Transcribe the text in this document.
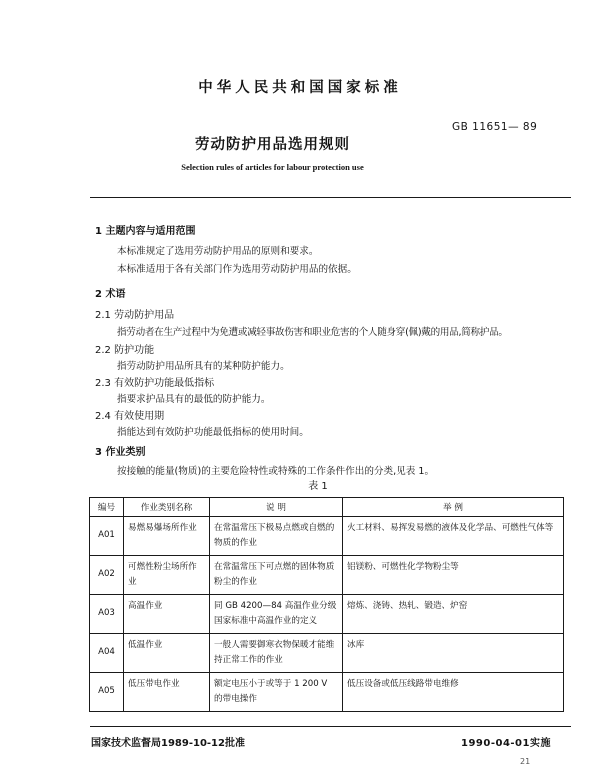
中华人民共和国国家标准
GB 11651— 89
劳动防护用品选用规则
Selection rules of articles for labour protection use
1 主题内容与适用范围
本标准规定了选用劳动防护用品的原则和要求。
本标准适用于各有关部门作为选用劳动防护用品的依据。
2 术语
2.1 劳动防护用品
指劳动者在生产过程中为免遭或减轻事故伤害和职业危害的个人随身穿(佩)戴的用品,简称护品。
2.2 防护功能
指劳动防护用品所具有的某种防护能力。
2.3 有效防护功能最低指标
指要求护品具有的最低的防护能力。
2.4 有效使用期
指能达到有效防护功能最低指标的使用时间。
3 作业类别
按接触的能量(物质)的主要危险特性或特殊的工作条件作出的分类,见表 1。
表 1
编号	作业类别名称	说 明	举 例
A01	易燃易爆场所作业	在常温常压下极易点燃或自燃的物质的作业	火工材料、易挥发易燃的液体及化学品、可燃性气体等
A02	可燃性粉尘场所作业	在常温常压下可点燃的固体物质粉尘的作业	铝镁粉、可燃性化学物粉尘等
A03	高温作业	同 GB 4200—84 高温作业分级国家标准中高温作业的定义	熔炼、浇铸、热轧、锻造、炉窑
A04	低温作业	一般人需要御寒衣物保暖才能维持正常工作的作业	冰库
A05	低压带电作业	额定电压小于或等于 1 200 V 的带电操作	低压设备或低压线路带电维修
国家技术监督局1989-10-12批准	1990-04-01实施
21
